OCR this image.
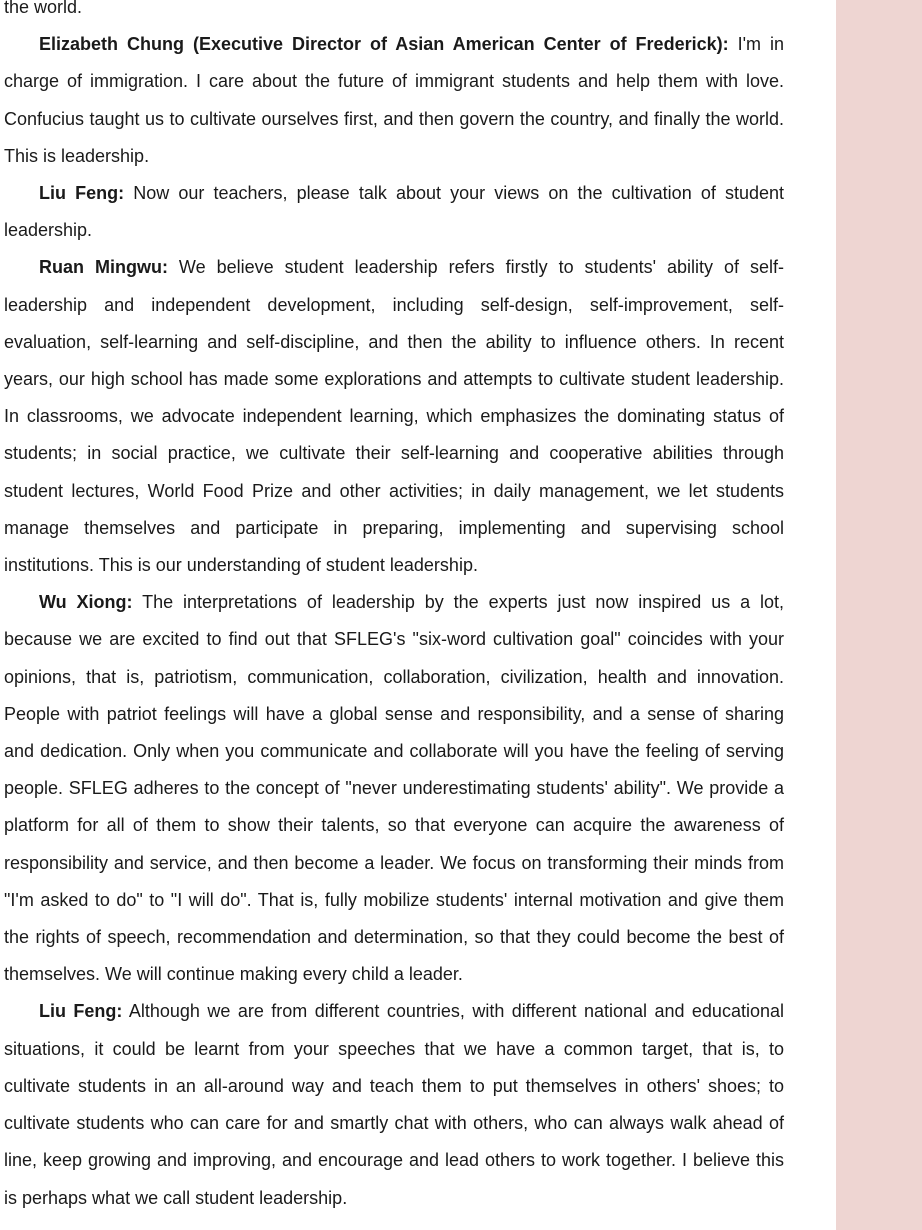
the world.

Elizabeth Chung (Executive Director of Asian American Center of Frederick): I'm in charge of immigration. I care about the future of immigrant students and help them with love. Confucius taught us to cultivate ourselves first, and then govern the country, and finally the world. This is leadership.

Liu Feng: Now our teachers, please talk about your views on the cultivation of student leadership.

Ruan Mingwu: We believe student leadership refers firstly to students' ability of self-leadership and independent development, including self-design, self-improvement, self-evaluation, self-learning and self-discipline, and then the ability to influence others. In recent years, our high school has made some explorations and attempts to cultivate student leadership. In classrooms, we advocate independent learning, which emphasizes the dominating status of students; in social practice, we cultivate their self-learning and cooperative abilities through student lectures, World Food Prize and other activities; in daily management, we let students manage themselves and participate in preparing, implementing and supervising school institutions. This is our understanding of student leadership.

Wu Xiong: The interpretations of leadership by the experts just now inspired us a lot, because we are excited to find out that SFLEG's "six-word cultivation goal" coincides with your opinions, that is, patriotism, communication, collaboration, civilization, health and innovation. People with patriot feelings will have a global sense and responsibility, and a sense of sharing and dedication. Only when you communicate and collaborate will you have the feeling of serving people. SFLEG adheres to the concept of "never underestimating students' ability". We provide a platform for all of them to show their talents, so that everyone can acquire the awareness of responsibility and service, and then become a leader. We focus on transforming their minds from "I'm asked to do" to "I will do". That is, fully mobilize students' internal motivation and give them the rights of speech, recommendation and determination, so that they could become the best of themselves. We will continue making every child a leader.

Liu Feng: Although we are from different countries, with different national and educational situations, it could be learnt from your speeches that we have a common target, that is, to cultivate students in an all-around way and teach them to put themselves in others' shoes; to cultivate students who can care for and smartly chat with others, who can always walk ahead of line, keep growing and improving, and encourage and lead others to work together. I believe this is perhaps what we call student leadership.
